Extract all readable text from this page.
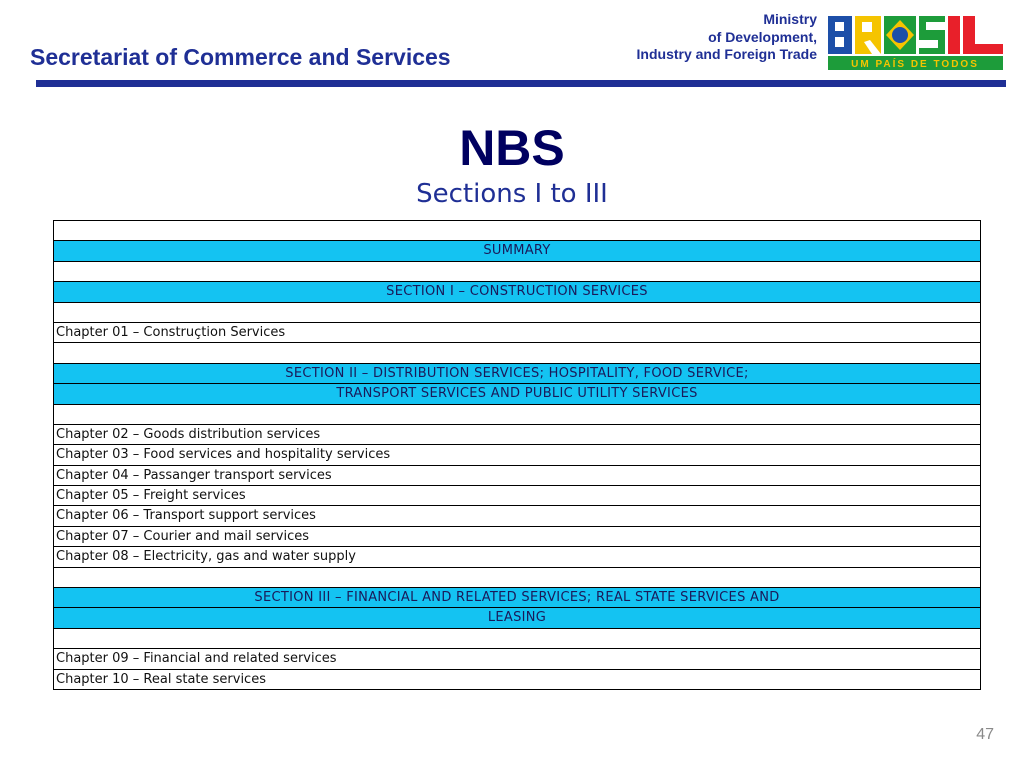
Secretariat of Commerce and Services
Ministry
of Development,
Industry and Foreign Trade
UM PAÍS DE TODOS
NBS
Sections I to III
SUMMARY
SECTION I – CONSTRUCTION SERVICES
Chapter 01 – Construçtion Services
SECTION II – DISTRIBUTION SERVICES; HOSPITALITY, FOOD SERVICE;
TRANSPORT SERVICES AND PUBLIC UTILITY SERVICES
Chapter 02 – Goods distribution services
Chapter 03 – Food services and hospitality services
Chapter 04 – Passanger transport services
Chapter 05 – Freight services
Chapter 06 – Transport support services
Chapter 07 – Courier and mail services
Chapter 08 – Electricity, gas and water supply
SECTION III – FINANCIAL AND RELATED SERVICES; REAL STATE SERVICES AND
LEASING
Chapter 09 – Financial and related services
Chapter 10 – Real state services
47
